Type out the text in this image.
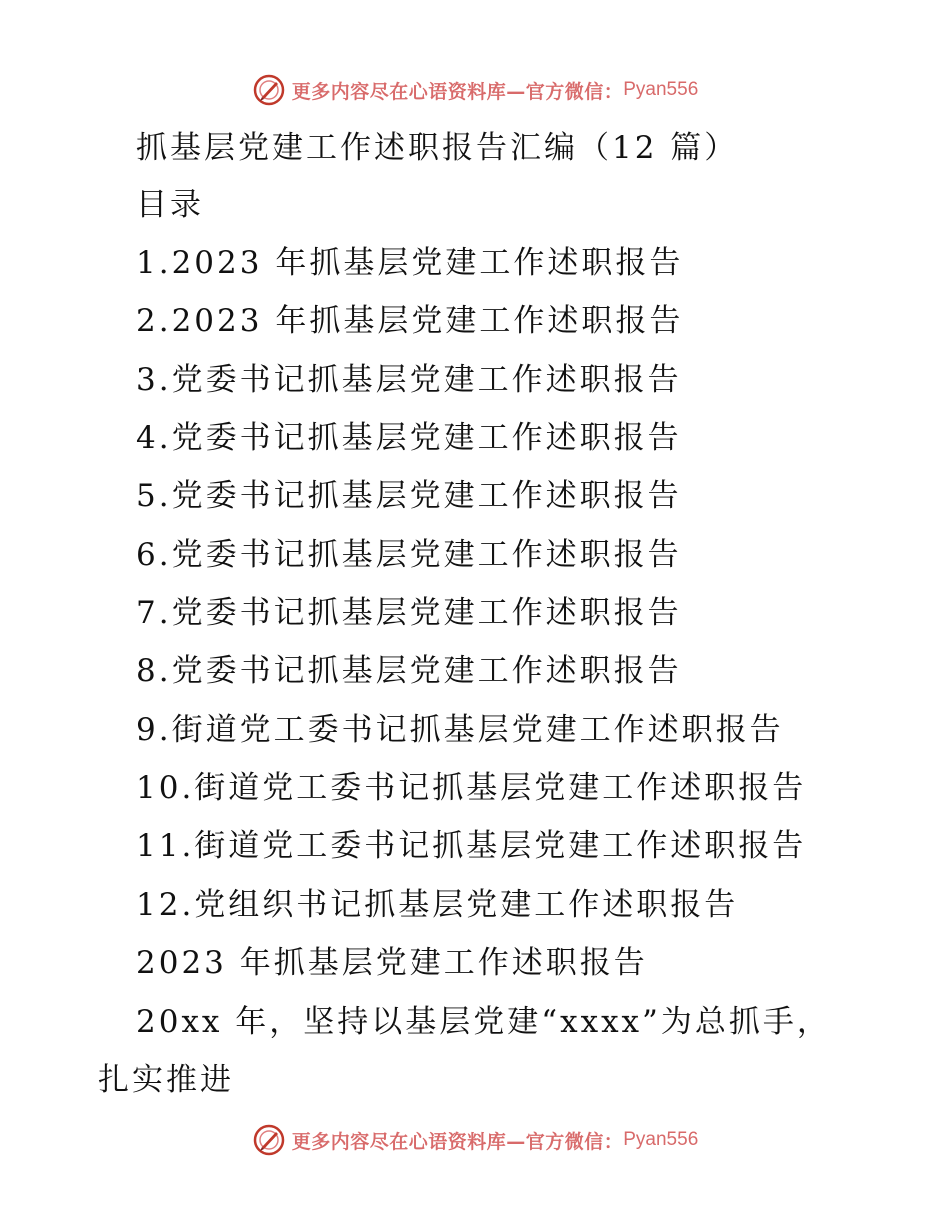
更多内容尽在心语资料库—官方微信： Pyan556
抓基层党建工作述职报告汇编（12 篇）
目录
1.2023 年抓基层党建工作述职报告
2.2023 年抓基层党建工作述职报告
3.党委书记抓基层党建工作述职报告
4.党委书记抓基层党建工作述职报告
5.党委书记抓基层党建工作述职报告
6.党委书记抓基层党建工作述职报告
7.党委书记抓基层党建工作述职报告
8.党委书记抓基层党建工作述职报告
9.街道党工委书记抓基层党建工作述职报告
10.街道党工委书记抓基层党建工作述职报告
11.街道党工委书记抓基层党建工作述职报告
12.党组织书记抓基层党建工作述职报告
2023 年抓基层党建工作述职报告
20xx 年，坚持以基层党建“xxxx”为总抓手，
扎实推进
更多内容尽在心语资料库—官方微信： Pyan556
